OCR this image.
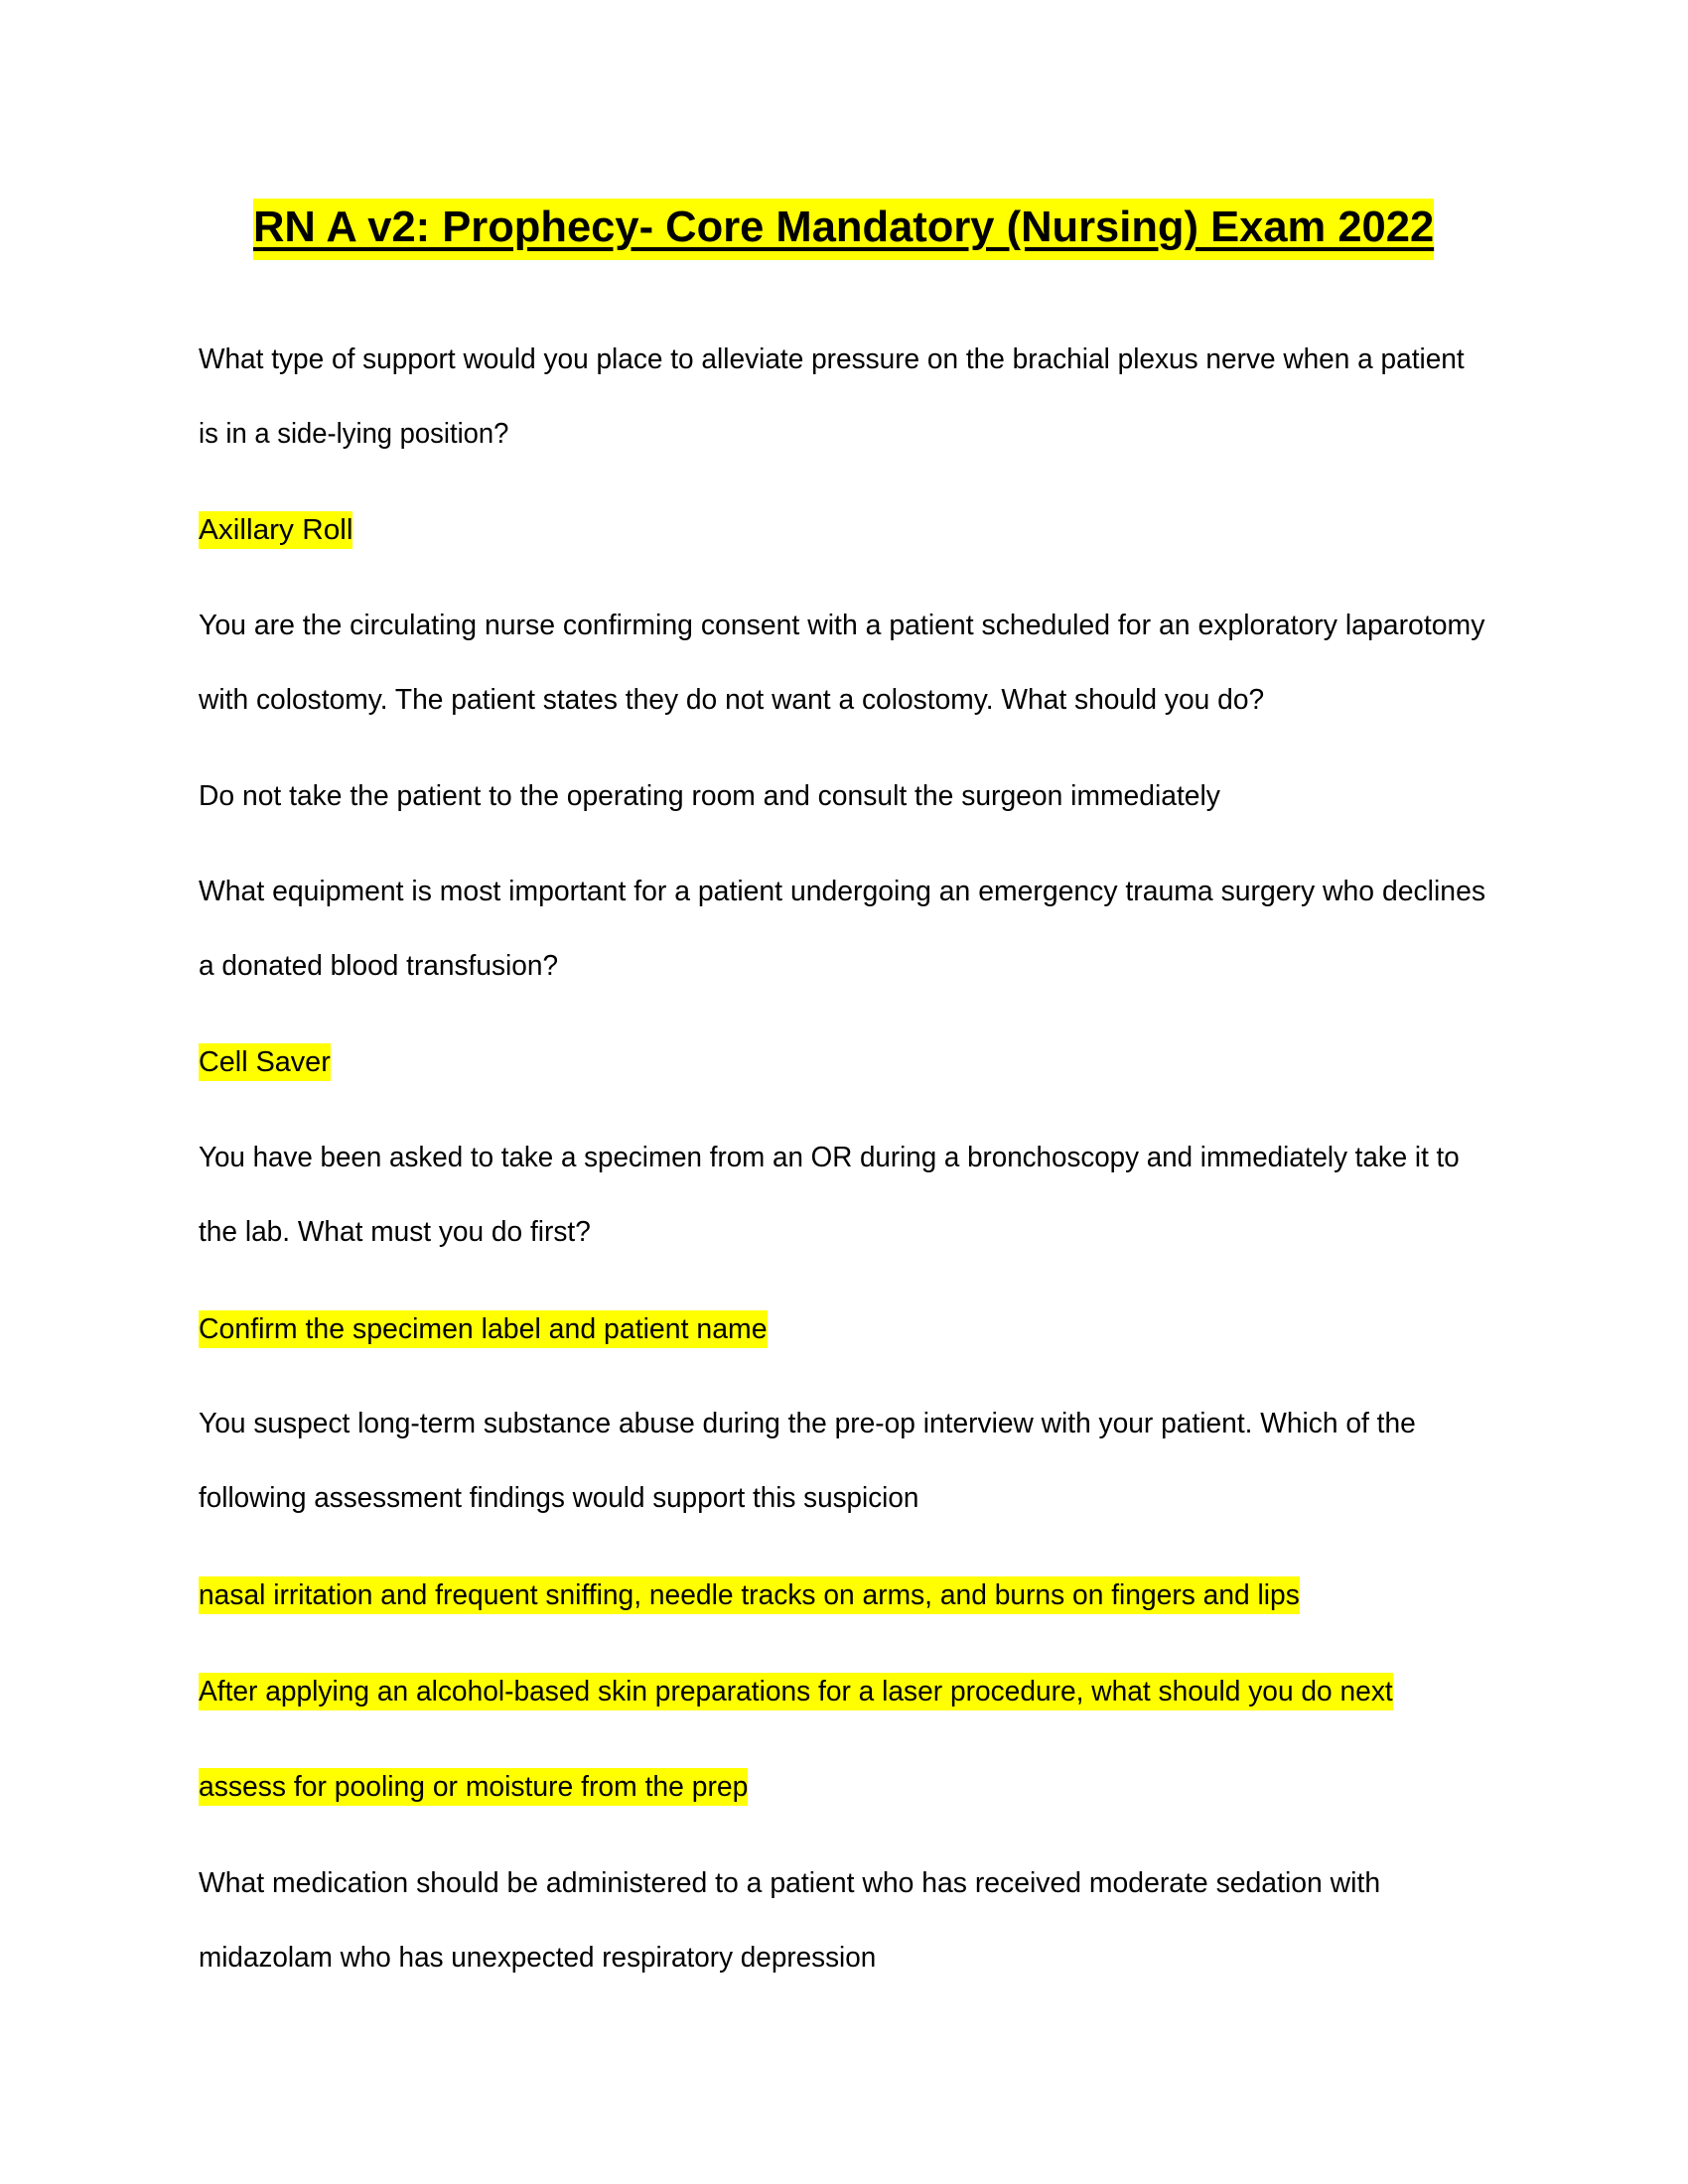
RN A v2: Prophecy- Core Mandatory (Nursing) Exam 2022
What type of support would you place to alleviate pressure on the brachial plexus nerve when a patient
is in a side-lying position?
Axillary Roll
You are the circulating nurse confirming consent with a patient scheduled for an exploratory laparotomy
with colostomy. The patient states they do not want a colostomy. What should you do?
Do not take the patient to the operating room and consult the surgeon immediately
What equipment is most important for a patient undergoing an emergency trauma surgery who declines
a donated blood transfusion?
Cell Saver
You have been asked to take a specimen from an OR during a bronchoscopy and immediately take it to
the lab. What must you do first?
Confirm the specimen label and patient name
You suspect long-term substance abuse during the pre-op interview with your patient. Which of the
following assessment findings would support this suspicion
nasal irritation and frequent sniffing, needle tracks on arms, and burns on fingers and lips
After applying an alcohol-based skin preparations for a laser procedure, what should you do next
assess for pooling or moisture from the prep
What medication should be administered to a patient who has received moderate sedation with
midazolam who has unexpected respiratory depression
